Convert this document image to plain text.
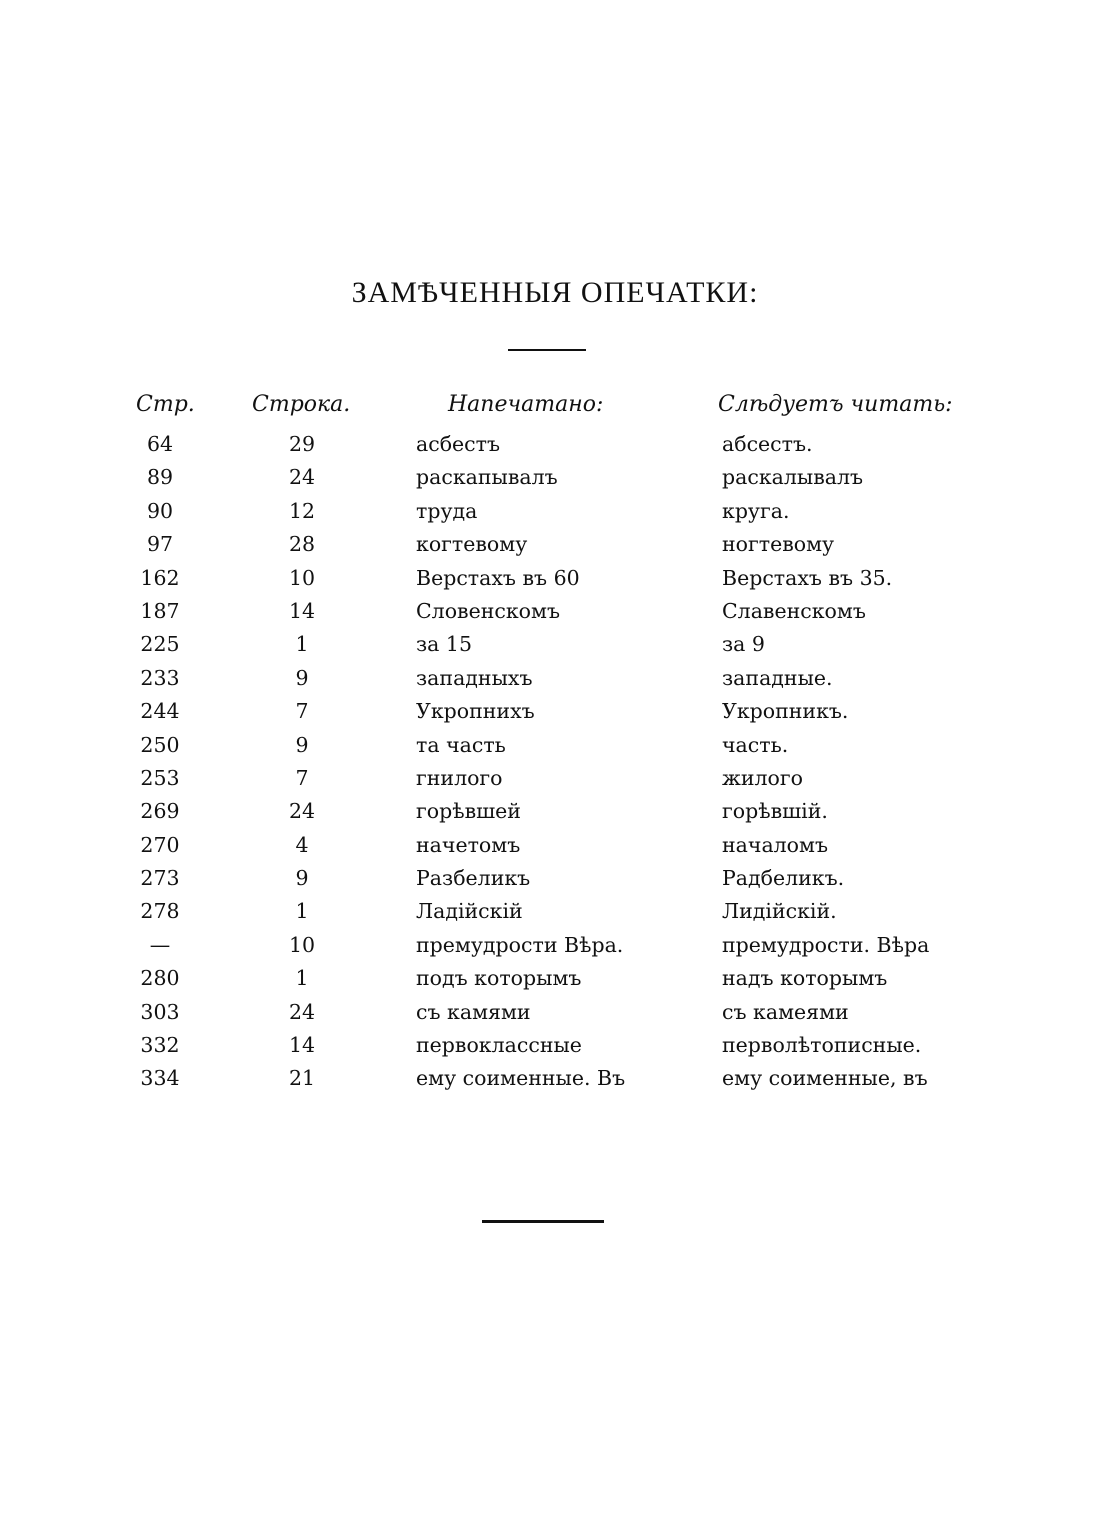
ЗАМѢЧЕННЫЯ ОПЕЧАТКИ:
Стр.	Строка.	Напечатано:	Слѣдуетъ читать:
64	29	асбестъ	абсестъ.
89	24	раскапывалъ	раскалывалъ
90	12	труда	круга.
97	28	когтевому	ногтевому
162	10	Верстахъ въ 60	Верстахъ въ 35.
187	14	Словенскомъ	Славенскомъ
225	1	за 15	за 9
233	9	западныхъ	западные.
244	7	Укропнихъ	Укропникъ.
250	9	та часть	часть.
253	7	гнилого	жилого
269	24	горѣвшей	горѣвшій.
270	4	начетомъ	началомъ
273	9	Разбеликъ	Радбеликъ.
278	1	Ладійскій	Лидійскій.
—	10	премудрости Вѣра.	премудрости. Вѣра
280	1	подъ которымъ	надъ которымъ
303	24	съ камями	съ камеями
332	14	первоклассные	перволѣтописные.
334	21	ему соименные. Въ	ему соименные, въ
